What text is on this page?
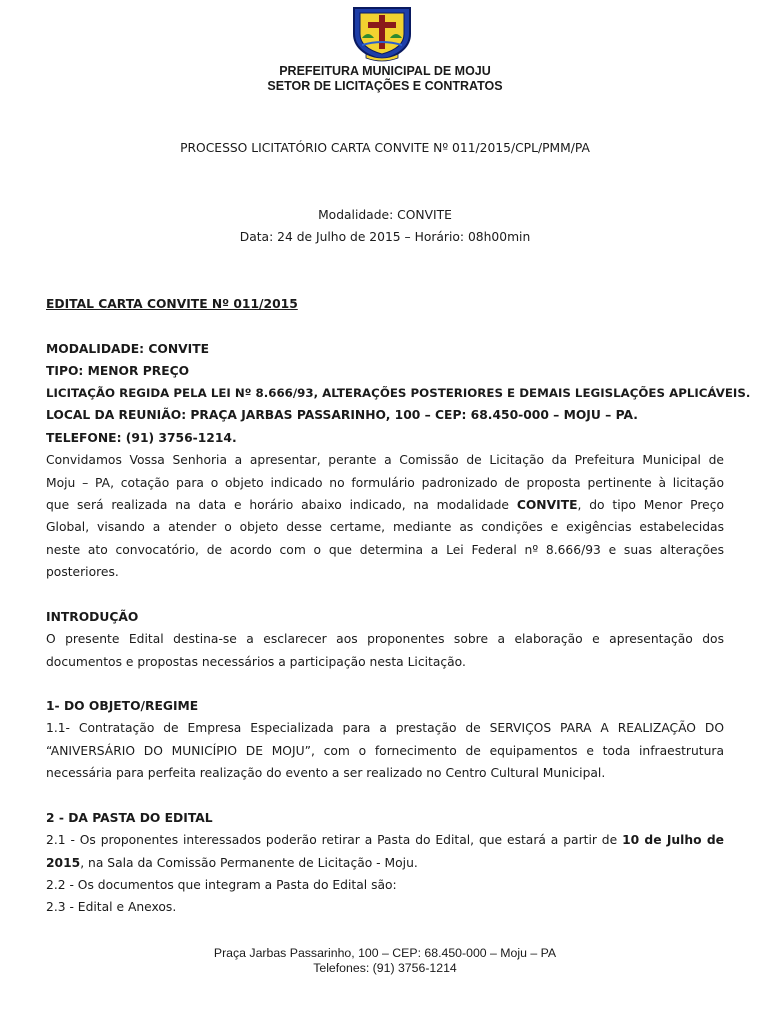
PREFEITURA MUNICIPAL DE MOJU
SETOR DE LICITAÇÕES E CONTRATOS
PROCESSO LICITATÓRIO CARTA CONVITE Nº 011/2015/CPL/PMM/PA
Modalidade: CONVITE
Data: 24 de Julho de 2015 – Horário: 08h00min
EDITAL CARTA CONVITE Nº 011/2015
MODALIDADE: CONVITE
TIPO: MENOR PREÇO
LICITAÇÃO REGIDA PELA LEI Nº 8.666/93, ALTERAÇÕES POSTERIORES E DEMAIS LEGISLAÇÕES APLICÁVEIS.
LOCAL DA REUNIÃO: PRAÇA JARBAS PASSARINHO, 100 – CEP: 68.450-000 – MOJU – PA.
TELEFONE: (91) 3756-1214.
Convidamos Vossa Senhoria a apresentar, perante a Comissão de Licitação da Prefeitura Municipal de
Moju – PA, cotação para o objeto indicado no formulário padronizado de proposta pertinente à licitação
que será realizada na data e horário abaixo indicado, na modalidade CONVITE, do tipo Menor Preço
Global, visando a atender o objeto desse certame, mediante as condições e exigências estabelecidas
neste ato convocatório, de acordo com o que determina a Lei Federal nº 8.666/93 e suas alterações
posteriores.
INTRODUÇÃO
O presente Edital destina-se a esclarecer aos proponentes sobre a elaboração e apresentação dos
documentos e propostas necessários a participação nesta Licitação.
1- DO OBJETO/REGIME
1.1- Contratação de Empresa Especializada para a prestação de SERVIÇOS PARA A REALIZAÇÃO DO
“ANIVERSÁRIO DO MUNICÍPIO DE MOJU”, com o fornecimento de equipamentos e toda infraestrutura
necessária para perfeita realização do evento a ser realizado no Centro Cultural Municipal.
2 - DA PASTA DO EDITAL
2.1 - Os proponentes interessados poderão retirar a Pasta do Edital, que estará a partir de 10 de Julho de
2015, na Sala da Comissão Permanente de Licitação - Moju.
2.2 - Os documentos que integram a Pasta do Edital são:
2.3 - Edital e Anexos.
Praça Jarbas Passarinho, 100 – CEP: 68.450-000 – Moju – PA
Telefones: (91) 3756-1214
